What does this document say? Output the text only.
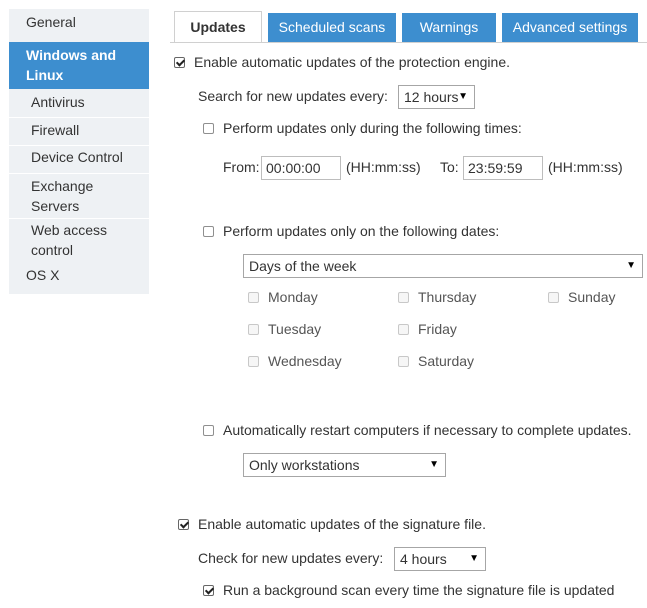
General
Windows and Linux
Antivirus
Firewall
Device Control
Exchange Servers
Web access control
OS X
Updates	Scheduled scans	Warnings	Advanced settings
Enable automatic updates of the protection engine.
Search for new updates every:	12 hours ▼
Perform updates only during the following times:
From:
00:00:00	(HH:mm:ss) To:
23:59:59	(HH:mm:ss)
Perform updates only on the following dates:
Days of the week	▼
Monday	Thursday	Sunday
Tuesday	Friday
Wednesday	Saturday
Automatically restart computers if necessary to complete updates.
Only workstations	▼
Enable automatic updates of the signature file.
Check for new updates every:	4 hours ▼
Run a background scan every time the signature file is updated
